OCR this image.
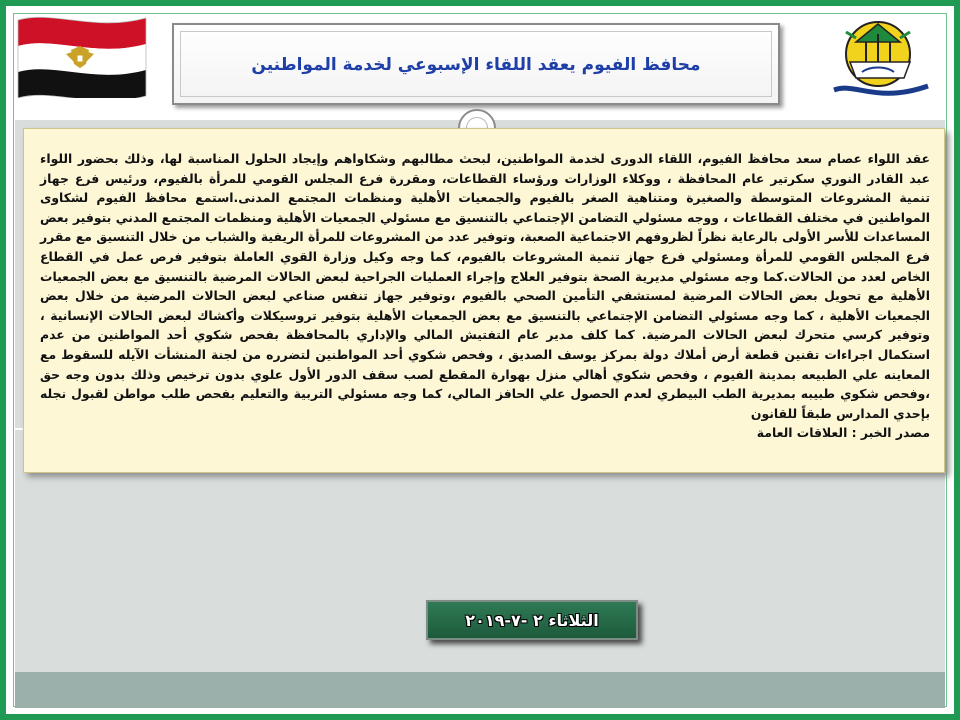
محافظ الفيوم يعقد اللقاء الإسبوعي لخدمة المواطنين

عقد اللواء عصام سعد محافظ الفيوم، اللقاء الدورى لخدمة المواطنين، لبحث مطالبهم وشكاواهم وإيجاد الحلول المناسبة لها، وذلك بحضور اللواء عبد القادر النوري سكرتير عام المحافظة ، ووكلاء الوزارات ورؤساء القطاعات، ومقررة فرع المجلس القومي للمرأة بالفيوم، ورئيس فرع جهاز تنمية المشروعات المتوسطة والصغيرة ومتناهية الصغر بالفيوم والجمعيات الأهلية ومنظمات المجتمع المدنى.استمع محافظ الفيوم لشكاوى المواطنين في مختلف القطاعات ، ووجه مسئولي التضامن الإجتماعي بالتنسيق مع مسئولي الجمعيات الأهلية ومنظمات المجتمع المدني بتوفير بعض المساعدات للأسر الأولى بالرعاية نظراً لظروفهم الاجتماعية الصعبة، وتوفير عدد من المشروعات للمرأة الريفية والشباب من خلال التنسيق مع مقرر فرع المجلس القومي للمرأة ومسئولي فرع جهاز تنمية المشروعات بالفيوم، كما وجه وكيل وزارة القوي العاملة بتوفير فرص عمل في القطاع الخاص لعدد من الحالات.كما وجه مسئولي مديرية الصحة بتوفير العلاج وإجراء العمليات الجراحية لبعض الحالات المرضية بالتنسيق مع بعض الجمعيات الأهلية مع تحويل بعض الحالات المرضية لمستشفي التأمين الصحي بالفيوم ،وتوفير جهاز تنفس صناعي لبعض الحالات المرضية من خلال بعض الجمعيات الأهلية ، كما وجه مسئولي التضامن الإجتماعي بالتنسيق مع بعض الجمعيات الأهلية بتوفير تروسيكلات وأكشاك لبعض الحالات الإنسانية ، وتوفير كرسي متحرك لبعض الحالات المرضية. كما كلف مدير عام التفتيش المالي والإداري بالمحافظة بفحص شكوي أحد المواطنين من عدم استكمال اجراءات تقنين قطعة أرض أملاك دولة بمركز يوسف الصديق ، وفحص شكوي أحد المواطنين لتضرره من لجنة المنشأت الآيله للسقوط مع المعاينه علي الطبيعه بمدينة الفيوم ، وفحص شكوي أهالي منزل بهوارة المقطع لصب سقف الدور الأول علوي بدون ترخيص وذلك بدون وجه حق ،وفحص شكوي طبيبه بمديرية الطب البيطري لعدم الحصول علي الحافز المالي، كما وجه مسئولي التربية والتعليم بفحص طلب مواطن لقبول نجله بإحدي المدارس طبقاً للقانون

مصدر الخبر : العلاقات العامة

الثلاثاء ٢ -٧-٢٠١٩
